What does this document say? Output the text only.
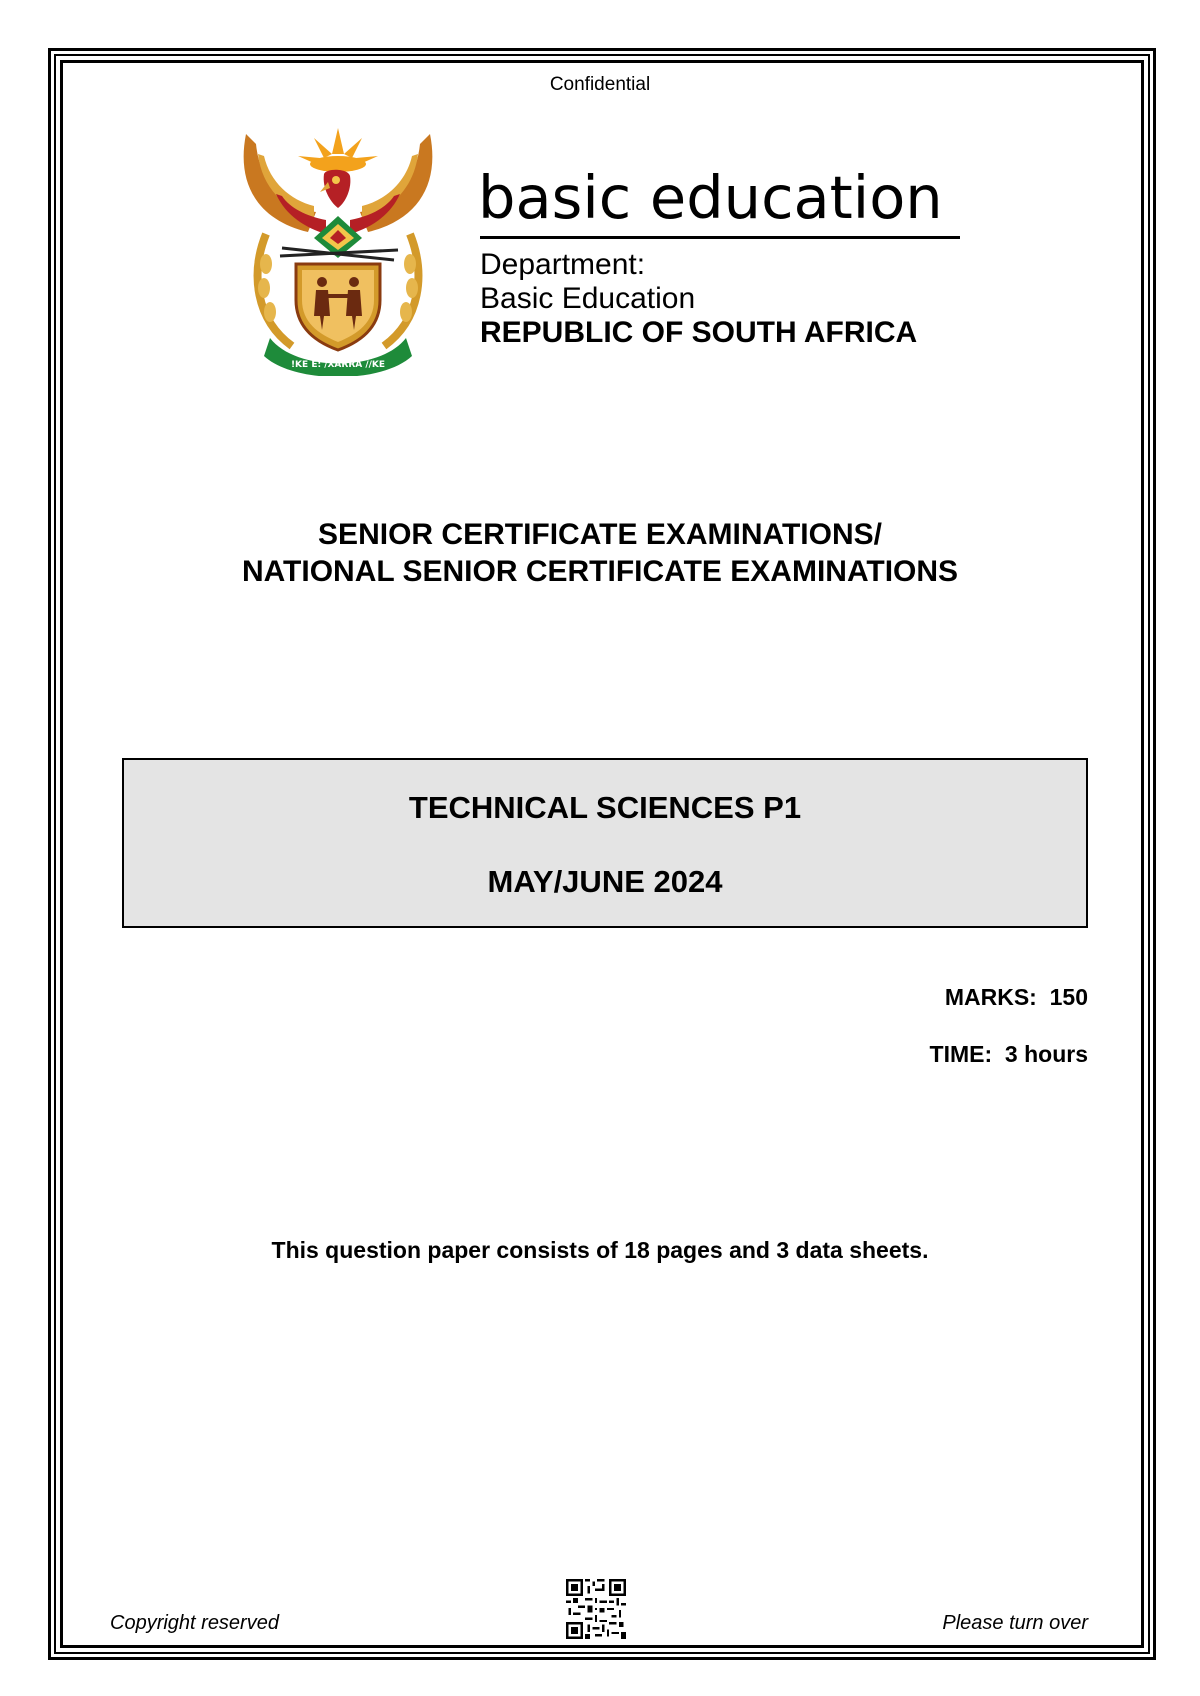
Confidential
!KE E: /XARRA //KE
basic education
Department:
Basic Education
REPUBLIC OF SOUTH AFRICA
SENIOR CERTIFICATE EXAMINATIONS/
NATIONAL SENIOR CERTIFICATE EXAMINATIONS
TECHNICAL SCIENCES P1
MAY/JUNE 2024
MARKS:  150
TIME:  3 hours
This question paper consists of 18 pages and 3 data sheets.
Copyright reserved	Please turn over
